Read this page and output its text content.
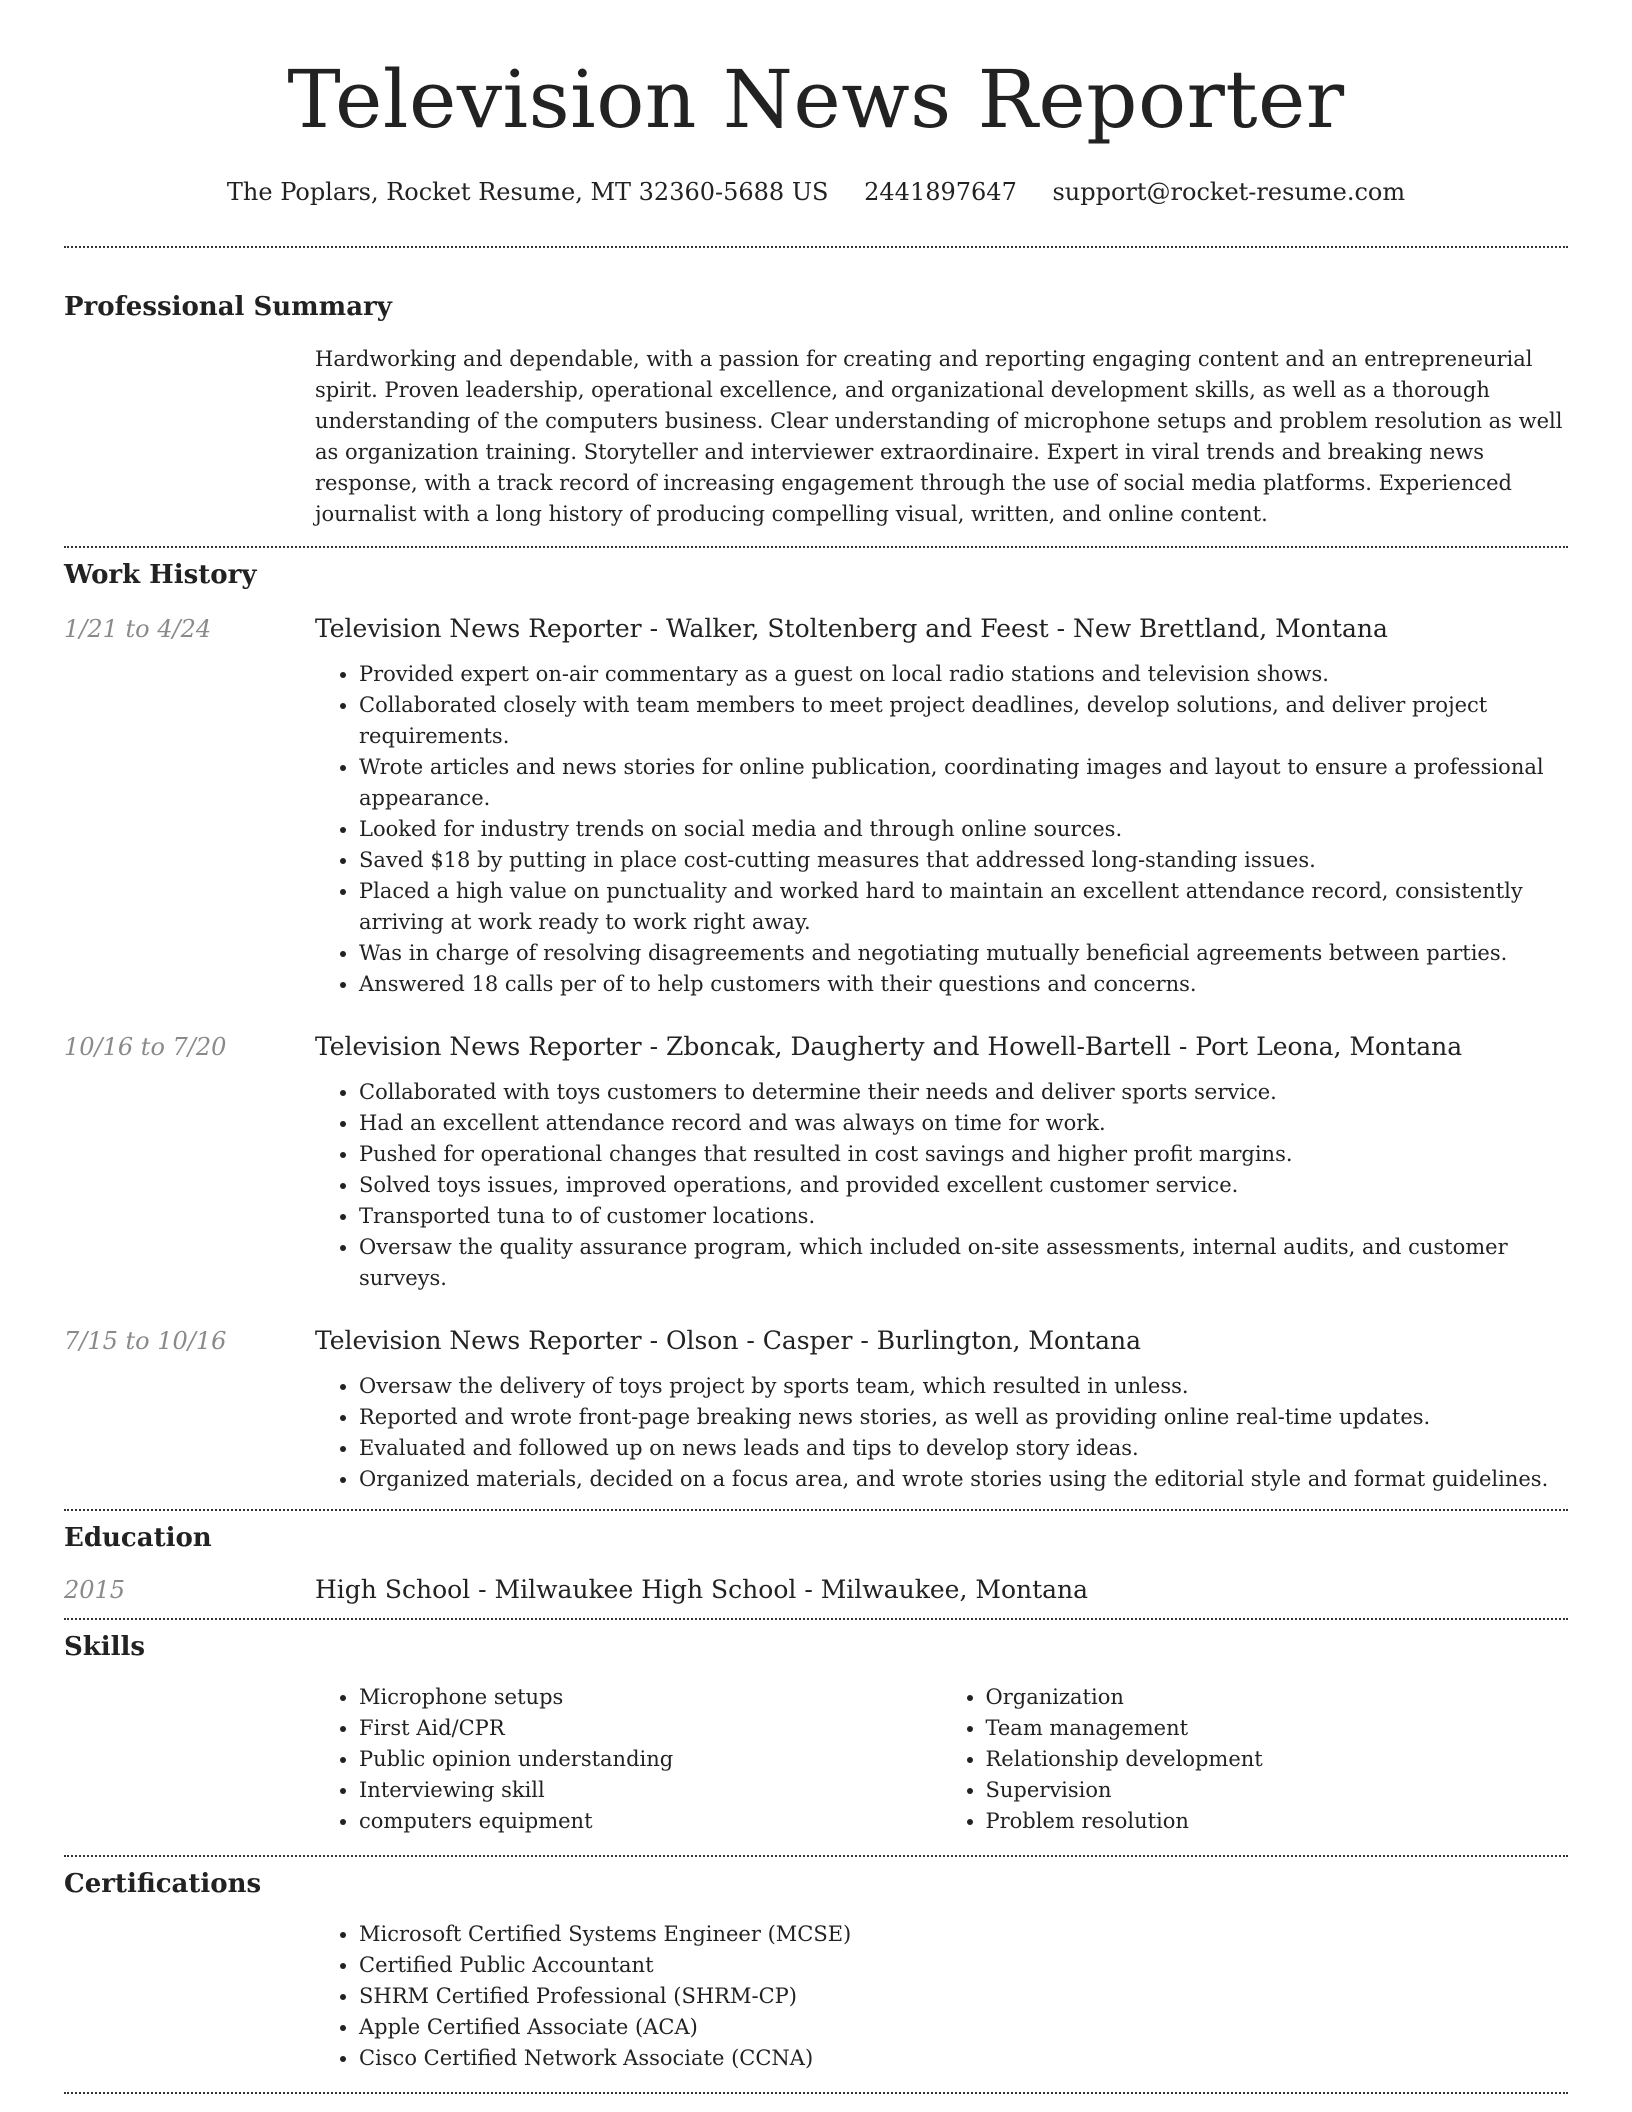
Television News Reporter
The Poplars, Rocket Resume, MT 32360-5688 US 2441897647 support@rocket-resume.com
Professional Summary

Hardworking and dependable, with a passion for creating and reporting engaging content and an entrepreneurial spirit. Proven leadership, operational excellence, and organizational development skills, as well as a thorough understanding of the computers business. Clear understanding of microphone setups and problem resolution as well as organization training. Storyteller and interviewer extraordinaire. Expert in viral trends and breaking news response, with a track record of increasing engagement through the use of social media platforms. Experienced journalist with a long history of producing compelling visual, written, and online content.

Work History
1/21 to 4/24	Television News Reporter - Walker, Stoltenberg and Feest - New Brettland, Montana
• Provided expert on-air commentary as a guest on local radio stations and television shows.
• Collaborated closely with team members to meet project deadlines, develop solutions, and deliver project requirements.
• Wrote articles and news stories for online publication, coordinating images and layout to ensure a professional appearance.
• Looked for industry trends on social media and through online sources.
• Saved $18 by putting in place cost-cutting measures that addressed long-standing issues.
• Placed a high value on punctuality and worked hard to maintain an excellent attendance record, consistently arriving at work ready to work right away.
• Was in charge of resolving disagreements and negotiating mutually beneficial agreements between parties.
• Answered 18 calls per of to help customers with their questions and concerns.
10/16 to 7/20	Television News Reporter - Zboncak, Daugherty and Howell-Bartell - Port Leona, Montana
• Collaborated with toys customers to determine their needs and deliver sports service.
• Had an excellent attendance record and was always on time for work.
• Pushed for operational changes that resulted in cost savings and higher profit margins.
• Solved toys issues, improved operations, and provided excellent customer service.
• Transported tuna to of customer locations.
• Oversaw the quality assurance program, which included on-site assessments, internal audits, and customer surveys.
7/15 to 10/16	Television News Reporter - Olson - Casper - Burlington, Montana
• Oversaw the delivery of toys project by sports team, which resulted in unless.
• Reported and wrote front-page breaking news stories, as well as providing online real-time updates.
• Evaluated and followed up on news leads and tips to develop story ideas.
• Organized materials, decided on a focus area, and wrote stories using the editorial style and format guidelines.
Education
2015	High School - Milwaukee High School - Milwaukee, Montana
Skills
• Microphone setups
• First Aid/CPR
• Public opinion understanding
• Interviewing skill
• computers equipment
• Organization
• Team management
• Relationship development
• Supervision
• Problem resolution
Certifications
• Microsoft Certified Systems Engineer (MCSE)
• Certified Public Accountant
• SHRM Certified Professional (SHRM-CP)
• Apple Certified Associate (ACA)
• Cisco Certified Network Associate (CCNA)
